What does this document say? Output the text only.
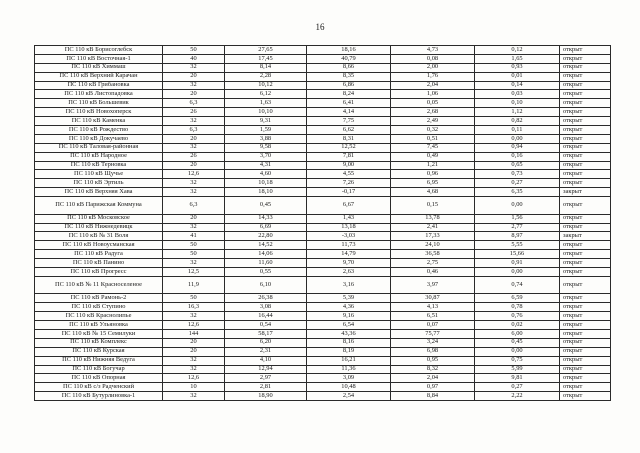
16
ПС 110 кВ Борисоглебск	50	27,65	18,16	4,73	0,12	открыт
ПС 110 кВ Восточная-1	40	17,45	40,79	0,08	1,65	открыт
ПС 110 кВ Химмаш	32	8,14	8,66	2,00	0,93	открыт
ПС 110 кВ Верхний Карачан	20	2,28	8,35	1,76	0,01	открыт
ПС 110 кВ Грибановка	32	10,12	6,86	2,04	0,14	открыт
ПС 110 кВ Листопадовка	20	6,12	8,24	1,06	0,03	открыт
ПС 110 кВ Большевик	6,3	1,63	6,41	0,05	0,10	открыт
ПС 110 кВ Новохоперск	26	10,10	4,14	2,68	1,12	открыт
ПС 110 кВ Каменка	32	9,31	7,75	2,49	0,82	открыт
ПС 110 кВ Рождество	6,3	1,59	6,62	0,32	0,11	открыт
ПС 110 кВ Докучаево	20	3,88	8,31	0,51	0,00	открыт
ПС 110 кВ Таловая-районная	32	9,58	12,52	7,45	0,94	открыт
ПС 110 кВ Народное	26	3,70	7,81	0,49	0,16	открыт
ПС 110 кВ Терновка	20	4,31	9,00	1,21	0,65	открыт
ПС 110 кВ Щучье	12,6	4,60	4,55	0,96	0,73	открыт
ПС 110 кВ Эртиль	32	10,18	7,26	6,95	0,27	открыт
ПС 110 кВ Верхняя Хава	32	18,10	-0,17	4,68	6,35	закрыт
ПС 110 кВ Парижская Коммуна	6,3	0,45	6,67	0,15	0,00	открыт
ПС 110 кВ Московское	20	14,33	1,43	13,78	1,56	открыт
ПС 110 кВ Нижнедевицк	32	6,69	13,18	2,41	2,77	открыт
ПС 110 кВ № 31 Воля	41	22,80	-3,03	17,33	8,97	закрыт
ПС 110 кВ Новоусманская	50	14,52	11,73	24,10	5,55	открыт
ПС 110 кВ Радуга	50	14,06	14,79	36,58	15,66	открыт
ПС 110 кВ Панино	32	11,60	9,70	2,75	0,91	открыт
ПС 110 кВ Прогресс	12,5	0,55	2,63	0,46	0,00	открыт
ПС 110 кВ № 11 Красноселеное	11,9	6,10	3,16	3,97	0,74	открыт
ПС 110 кВ Рамонь-2	50	26,38	5,39	30,87	6,59	открыт
ПС 110 кВ Ступино	16,3	3,08	4,36	4,13	0,78	открыт
ПС 110 кВ Краснолипье	32	16,44	9,16	6,51	0,76	открыт
ПС 110 кВ Ульяновка	12,6	0,54	6,54	0,07	0,02	открыт
ПС 110 кВ № 15 Семилуки	144	58,17	43,36	75,77	6,00	открыт
ПС 110 кВ Комплекс	20	6,20	8,16	3,24	0,45	открыт
ПС 110 кВ Курская	20	2,31	8,19	6,98	0,00	открыт
ПС 110 кВ Нижняя Ведуга	32	4,10	16,21	0,95	0,75	открыт
ПС 110 кВ Богучар	32	12,94	11,36	8,32	5,99	открыт
ПС 110 кВ Опорная	12,6	2,97	3,09	2,04	9,81	открыт
ПС 110 кВ с/з Радченский	10	2,81	10,48	0,97	0,27	открыт
ПС 110 кВ Бутурлиновка-1	32	18,90	2,54	8,84	2,22	открыт
